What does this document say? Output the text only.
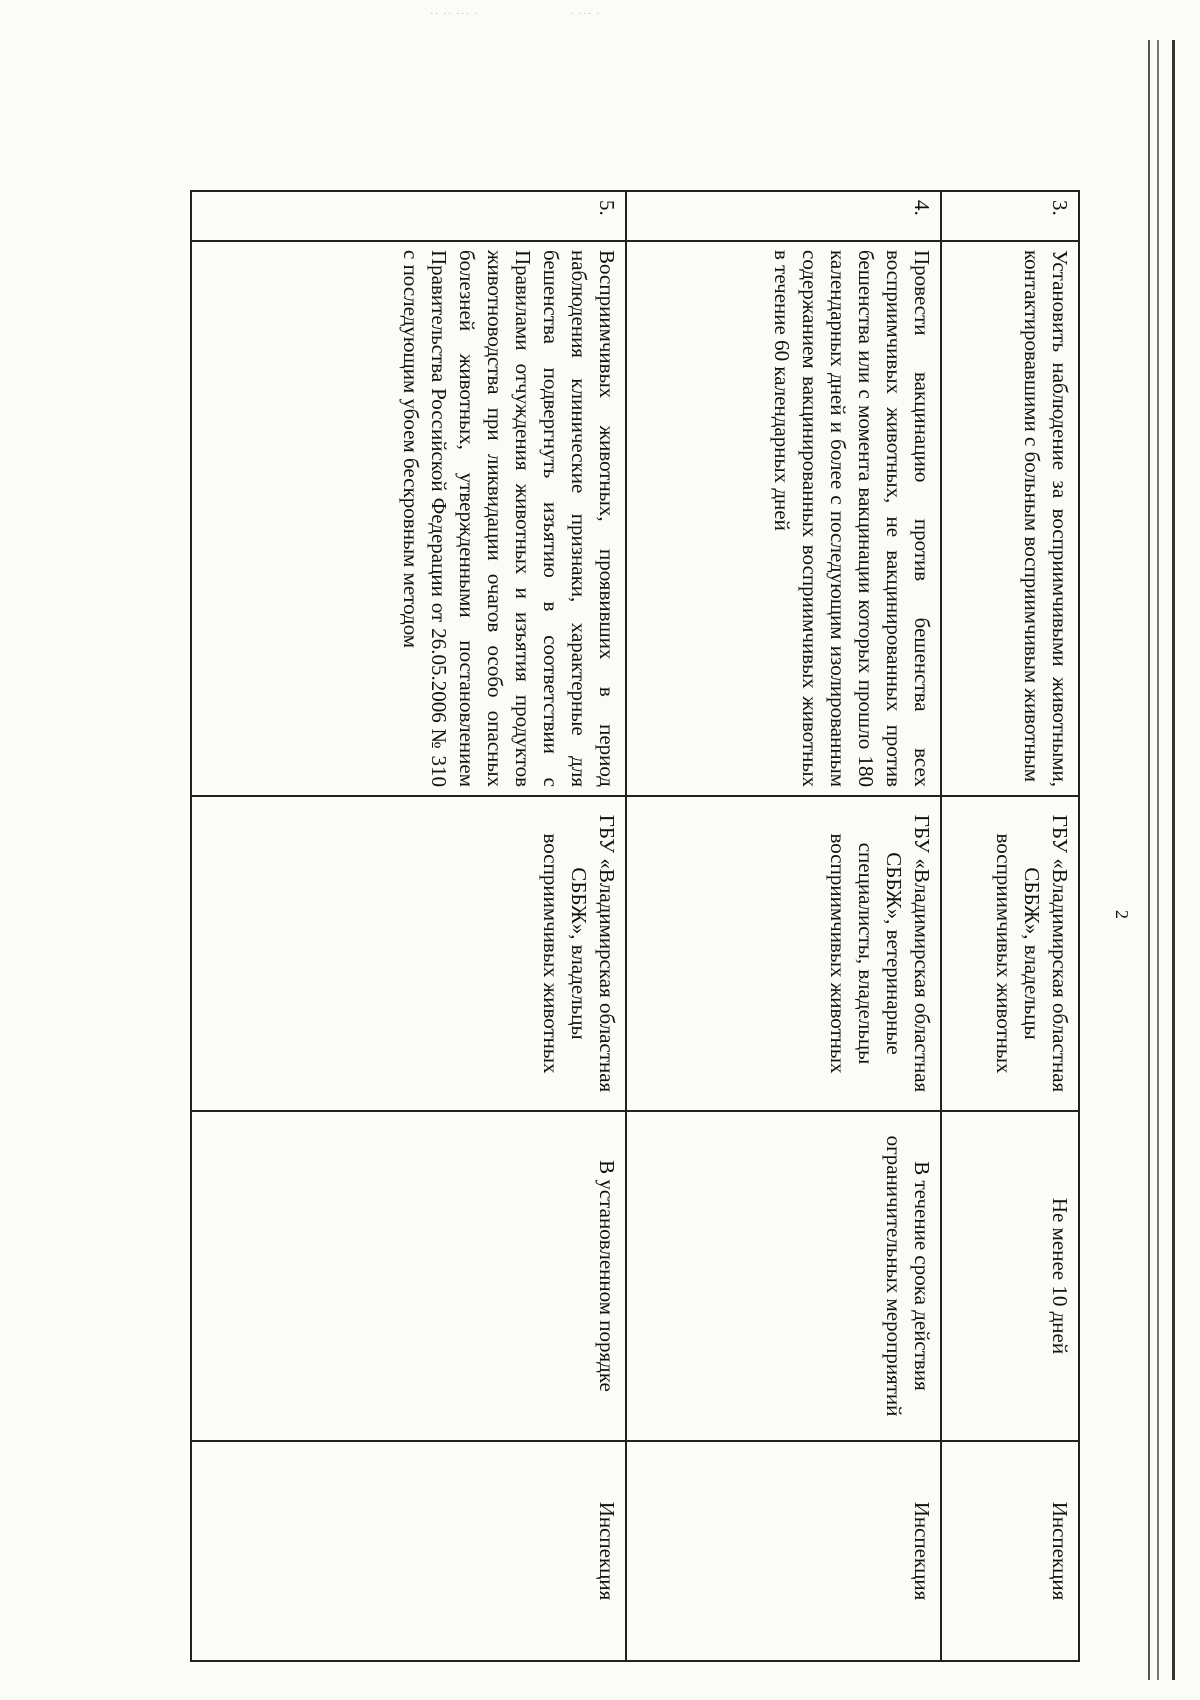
·· ·· ··· ·	· ··· ·
2
3.	Установить наблюдение за восприимчивыми животными, контактировавшими с больным восприимчивым животным	ГБУ «Владимирская областная СББЖ», владельцы восприимчивых животных	Не менее 10 дней	Инспекция
4.	Провести вакцинацию против бешенства всех восприимчивых животных, не вакцинированных против бешенства или с момента вакцинации которых прошло 180 календарных дней и более с последующим изолированным содержанием вакцинированных восприимчивых животных в течение 60 календарных дней	ГБУ «Владимирская областная СББЖ», ветеринарные специалисты, владельцы восприимчивых животных	В течение срока действия ограничительных мероприятий	Инспекция
5.	Восприимчивых животных, проявивших в период наблюдения клинические признаки, характерные для бешенства подвергнуть изъятию в соответствии с Правилами отчуждения животных и изъятия продуктов животноводства при ликвидации очагов особо опасных болезней животных, утвержденными постановлением Правительства Российской Федерации от 26.05.2006 № 310 с последующим убоем бескровным методом	ГБУ «Владимирская областная СББЖ», владельцы восприимчивых животных	В установленном порядке	Инспекция
